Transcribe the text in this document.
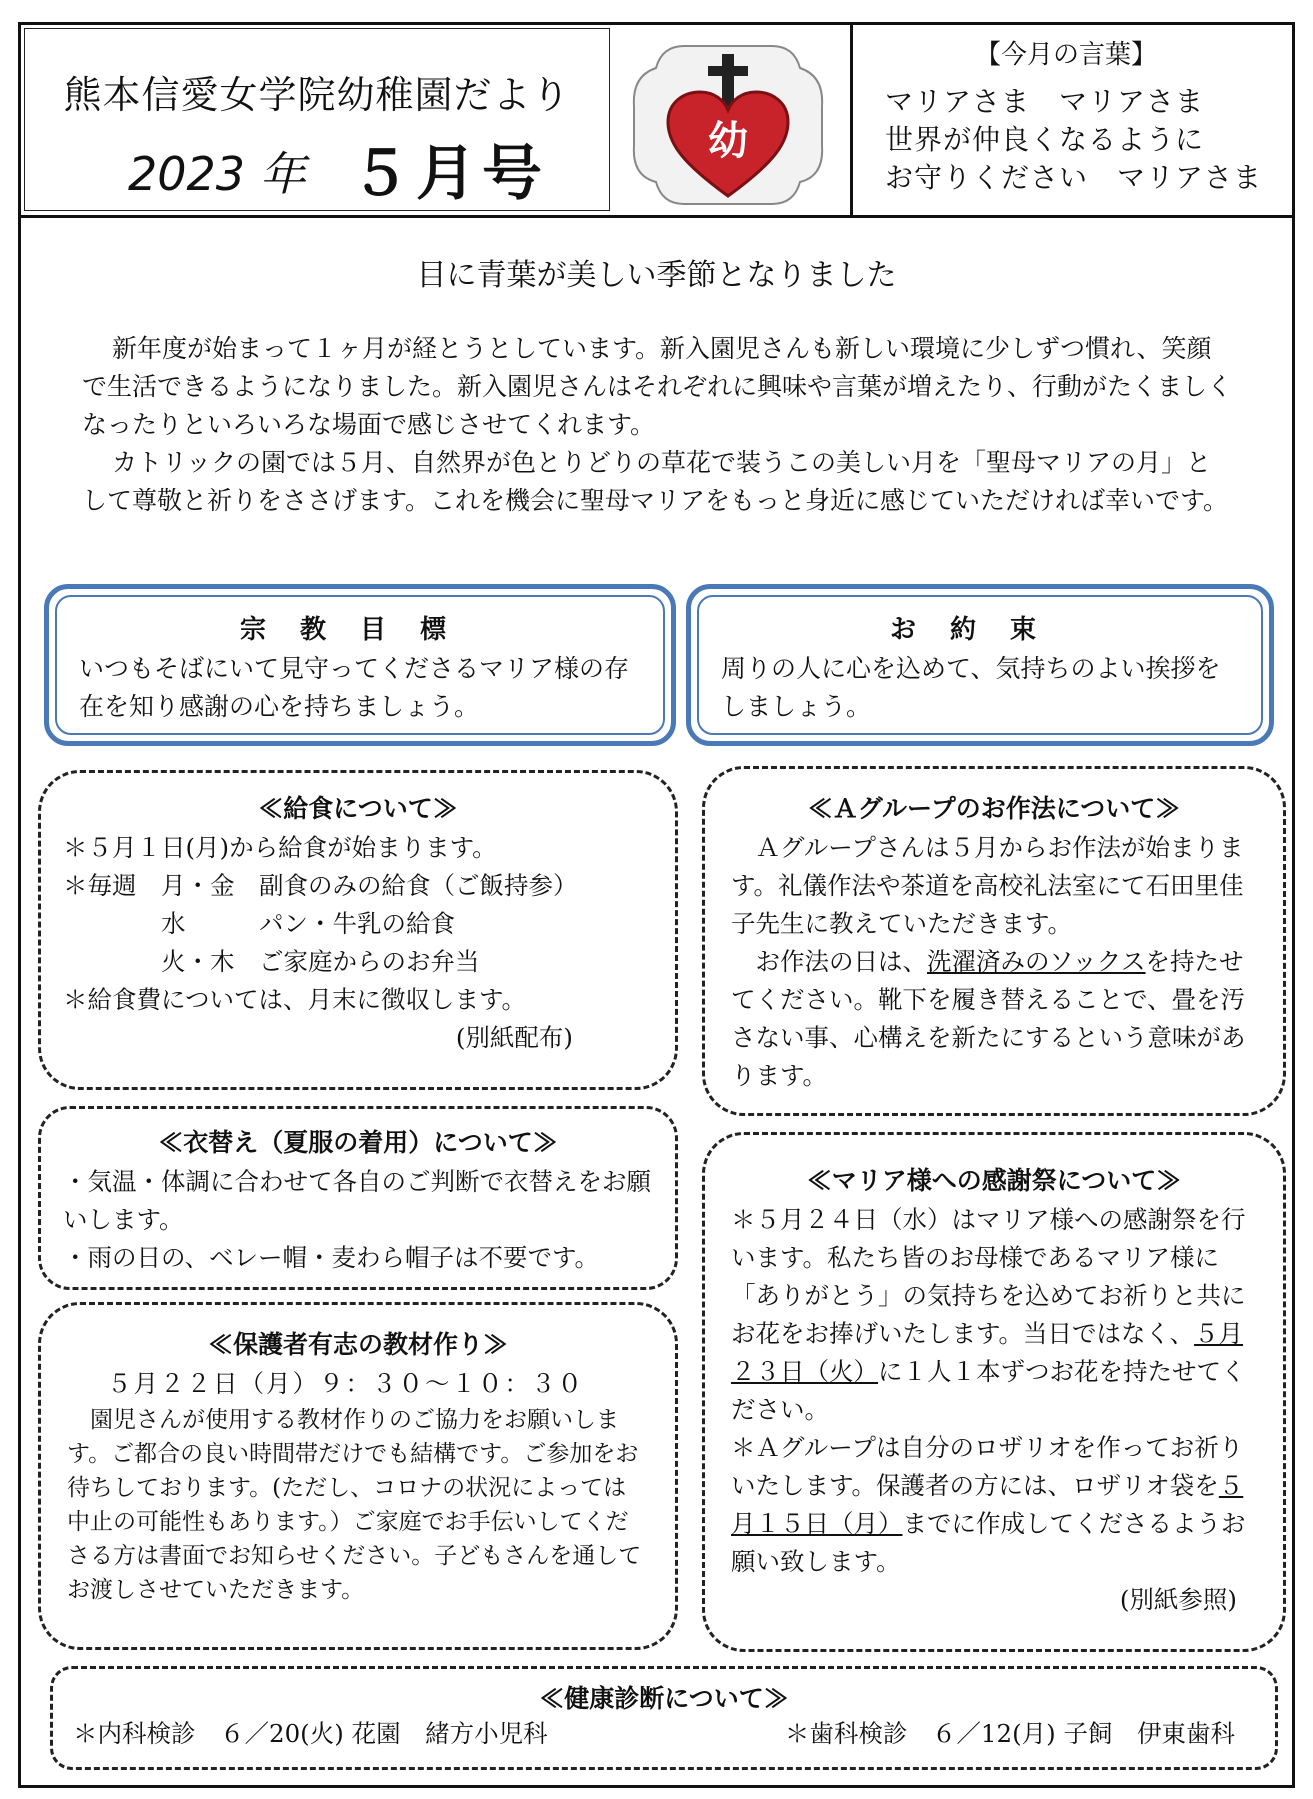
熊本信愛女学院幼稚園だより
2023 年 ５月号	幼
【今月の言葉】
マリアさま　マリアさま
世界が仲良くなるように
お守りください　マリアさま
目に青葉が美しい季節となりました

新年度が始まって１ヶ月が経とうとしています。新入園児さんも新しい環境に少しずつ慣れ、笑顔で生活できるようになりました。新入園児さんはそれぞれに興味や言葉が増えたり、行動がたくましくなったりといろいろな場面で感じさせてくれます。

カトリックの園では５月、自然界が色とりどりの草花で装うこの美しい月を「聖母マリアの月」として尊敬と祈りをささげます。これを機会に聖母マリアをもっと身近に感じていただければ幸いです。

宗教目標
いつもそばにいて見守ってくださるマリア様の存在を知り感謝の心を持ちましょう。
お約束
周りの人に心を込めて、気持ちのよい挨拶をしましょう。
≪給食について≫
＊５月１日(月)から給食が始まります。
＊毎週　月・金　副食のみの給食（ご飯持参）
　　　　水　　　パン・牛乳の給食
　　　　火・木　ご家庭からのお弁当
＊給食費については、月末に徴収します。
(別紙配布)
≪衣替え（夏服の着用）について≫
・気温・体調に合わせて各自のご判断で衣替えをお願いします。
・雨の日の、ベレー帽・麦わら帽子は不要です。
≪保護者有志の教材作り≫
５月２２日（月）９：３０～１０：３０
園児さんが使用する教材作りのご協力をお願いします。ご都合の良い時間帯だけでも結構です。ご参加をお待ちしております。(ただし、コロナの状況によっては中止の可能性もあります。）ご家庭でお手伝いしてくださる方は書面でお知らせください。子どもさんを通してお渡しさせていただきます。
≪Ａグループのお作法について≫
Ａグループさんは５月からお作法が始まります。礼儀作法や茶道を高校礼法室にて石田里佳子先生に教えていただきます。
お作法の日は、洗濯済みのソックスを持たせてください。靴下を履き替えることで、畳を汚さない事、心構えを新たにするという意味があります。
≪マリア様への感謝祭について≫
＊５月２４日（水）はマリア様への感謝祭を行います。私たち皆のお母様であるマリア様に「ありがとう」の気持ちを込めてお祈りと共にお花をお捧げいたします。当日ではなく、５月２３日（火）に１人１本ずつお花を持たせてください。
＊Ａグループは自分のロザリオを作ってお祈りいたします。保護者の方には、ロザリオ袋を５月１５日（月）までに作成してくださるようお願い致します。
(別紙参照)
≪健康診断について≫
＊内科検診　６／20(火) 花園　緒方小児科	＊歯科検診　６／12(月) 子飼　伊東歯科
